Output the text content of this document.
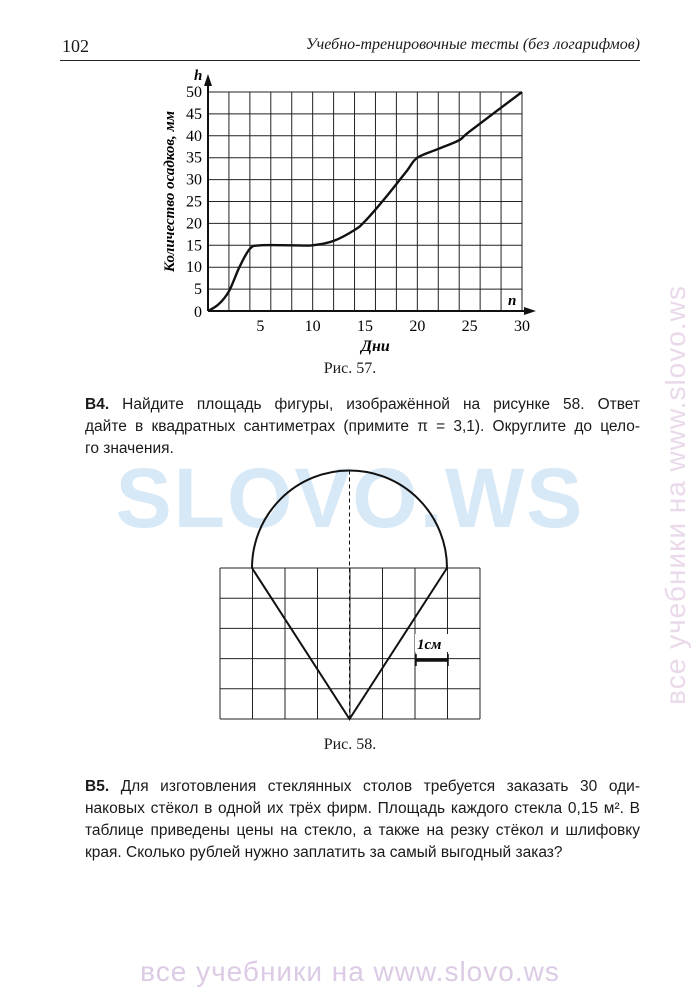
SLOVO.WS	все учебники на www.slovo.ws
все учебники на www.slovo.ws
102	Учебно-тренировочные тесты (без логарифмов)
5	10 15 20 25 30
5
10
15
20
25
30
35
40
45
50
0
n
h
Дни
Количество осадков, мм
Рис. 57.
В4. Найдите площадь фигуры, изображённой на рисунке 58. Ответ
дайте в квадратных сантиметрах (примите π = 3,1). Округлите до цело-
го значения.
1см
Рис. 58.
В5. Для изготовления стеклянных столов требуется заказать 30 оди-
наковых стёкол в одной их трёх фирм. Площадь каждого стекла 0,15 м². В
таблице приведены цены на стекло, а также на резку стёкол и шлифовку
края. Сколько рублей нужно заплатить за самый выгодный заказ?
